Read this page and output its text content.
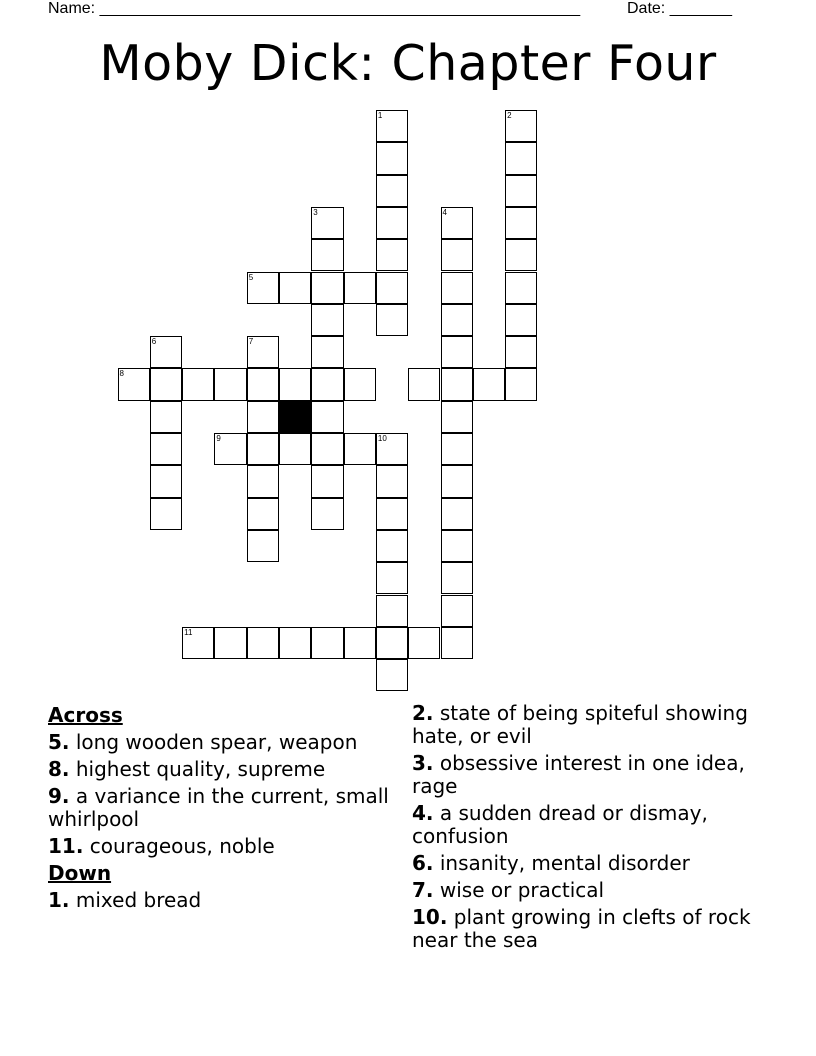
Name: ______________________________________________________	Date: _______
Moby Dick: Chapter Four
1	2
3	4
5
6	7
8
9	10
11
Across
5. long wooden spear, weapon
8. highest quality, supreme
9. a variance in the current, small whirlpool
11. courageous, noble
Down
1. mixed bread
2. state of being spiteful showing hate, or evil
3. obsessive interest in one idea, rage
4. a sudden dread or dismay, confusion
6. insanity, mental disorder
7. wise or practical
10. plant growing in clefts of rock near the sea
